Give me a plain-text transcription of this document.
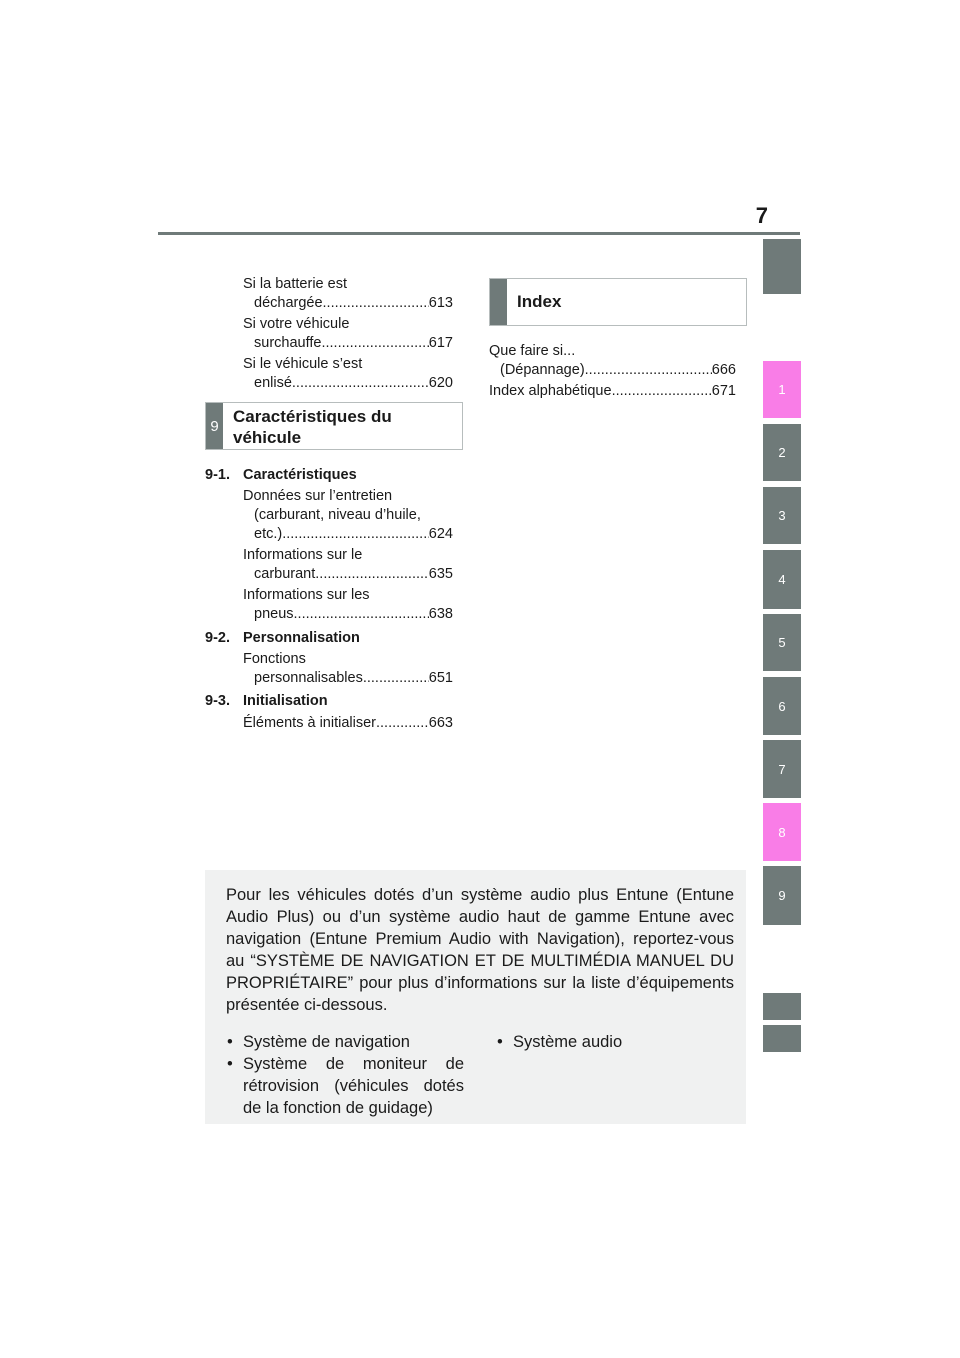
7
1
2
3
4
5
6
7
8
9
Si la batterie est
déchargée .....	613
Si votre véhicule
surchauffe .....	617
Si le véhicule s’est
enlisé .....	620
9 Caractéristiques du
véhicule
9-1. Caractéristiques
Données sur l’entretien
(carburant, niveau d’huile,
etc.) .....	624
Informations sur le
carburant .....	635
Informations sur les
pneus .....	638
9-2. Personnalisation
Fonctions
personnalisables .....	651
9-3. Initialisation
Éléments à initialiser .....	663
Index
Que faire si...
(Dépannage) .....	666
Index alphabétique .....	671
Pour les véhicules dotés d’un système audio plus Entune (Entune Audio Plus) ou d’un système audio haut de gamme Entune avec navigation (Entune Premium Audio with Navigation), reportez-vous au “SYSTÈME DE NAVIGATION ET DE MULTIMÉDIA MANUEL DU PROPRIÉTAIRE” pour plus d’informations sur la liste d’équipements présentée ci-dessous.
• Système de navigation
• Système de moniteur de rétrovision (véhicules dotés de la fonction de guidage)
• Système audio
